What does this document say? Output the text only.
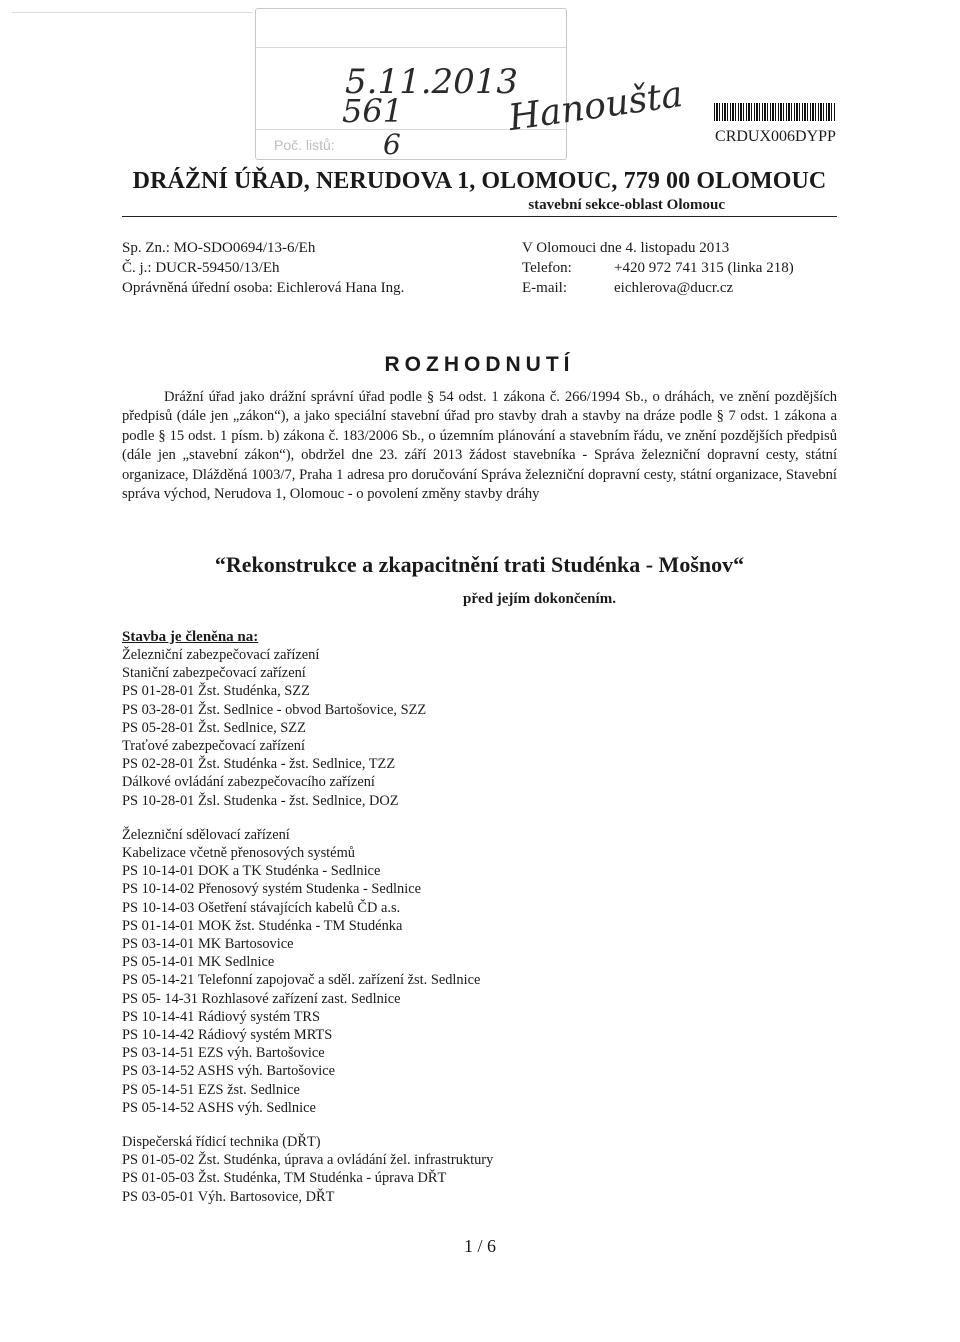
Poč. listů:
5.11.2013
561
6
Hanoušta	CRDUX006DYPP
DRÁŽNÍ ÚŘAD, NERUDOVA 1, OLOMOUC, 779 00 OLOMOUC
stavební sekce-oblast Olomouc
Sp. Zn.: MO-SDO0694/13-6/Eh
Č. j.: DUCR-59450/13/Eh
Oprávněná úřední osoba: Eichlerová Hana Ing.
V Olomouci dne 4. listopadu 2013
Telefon:	+420 972 741 315 (linka 218)
E-mail:	eichlerova@ducr.cz
ROZHODNUTÍ
Drážní úřad jako drážní správní úřad podle § 54 odst. 1 zákona č. 266/1994 Sb., o dráhách, ve znění pozdějších předpisů (dále jen „zákon“), a jako speciální stavební úřad pro stavby drah a stavby na dráze podle § 7 odst. 1 zákona a podle § 15 odst. 1 písm. b) zákona č. 183/2006 Sb., o územním plánování a stavebním řádu, ve znění pozdějších předpisů (dále jen „stavební zákon“), obdržel dne 23. září 2013 žádost stavebníka - Správa železniční dopravní cesty, státní organizace, Dlážděná 1003/7, Praha 1 adresa pro doručování Správa železniční dopravní cesty, státní organizace, Stavební správa východ, Nerudova 1, Olomouc - o povolení změny stavby dráhy
“Rekonstrukce a zkapacitnění trati Studénka - Mošnov“
před jejím dokončením.
Stavba je členěna na:
Železniční zabezpečovací zařízení
Staniční zabezpečovací zařízení
PS 01-28-01 Žst. Studénka, SZZ
PS 03-28-01 Žst. Sedlnice - obvod Bartošovice, SZZ
PS 05-28-01 Žst. Sedlnice, SZZ
Traťové zabezpečovací zařízení
PS 02-28-01 Žst. Studénka - žst. Sedlnice, TZZ
Dálkové ovládání zabezpečovacího zařízení
PS 10-28-01 Žsl. Studenka - žst. Sedlnice, DOZ
Železniční sdělovací zařízení
Kabelizace včetně přenosových systémů
PS 10-14-01 DOK a TK Studénka - Sedlnice
PS 10-14-02 Přenosový systém Studenka - Sedlnice
PS 10-14-03 Ošetření stávajících kabelů ČD a.s.
PS 01-14-01 MOK žst. Studénka - TM Studénka
PS 03-14-01 MK Bartosovice
PS 05-14-01 MK Sedlnice
PS 05-14-21 Telefonní zapojovač a sděl. zařízení žst. Sedlnice
PS 05- 14-31 Rozhlasové zařízení zast. Sedlnice
PS 10-14-41 Rádiový systém TRS
PS 10-14-42 Rádiový systém MRTS
PS 03-14-51 EZS výh. Bartošovice
PS 03-14-52 ASHS výh. Bartošovice
PS 05-14-51 EZS žst. Sedlnice
PS 05-14-52 ASHS výh. Sedlnice
Dispečerská řídicí technika (DŘT)
PS 01-05-02 Žst. Studénka, úprava a ovládání žel. infrastruktury
PS 01-05-03 Žst. Studénka, TM Studénka - úprava DŘT
PS 03-05-01 Výh. Bartosovice, DŘT
1 / 6
